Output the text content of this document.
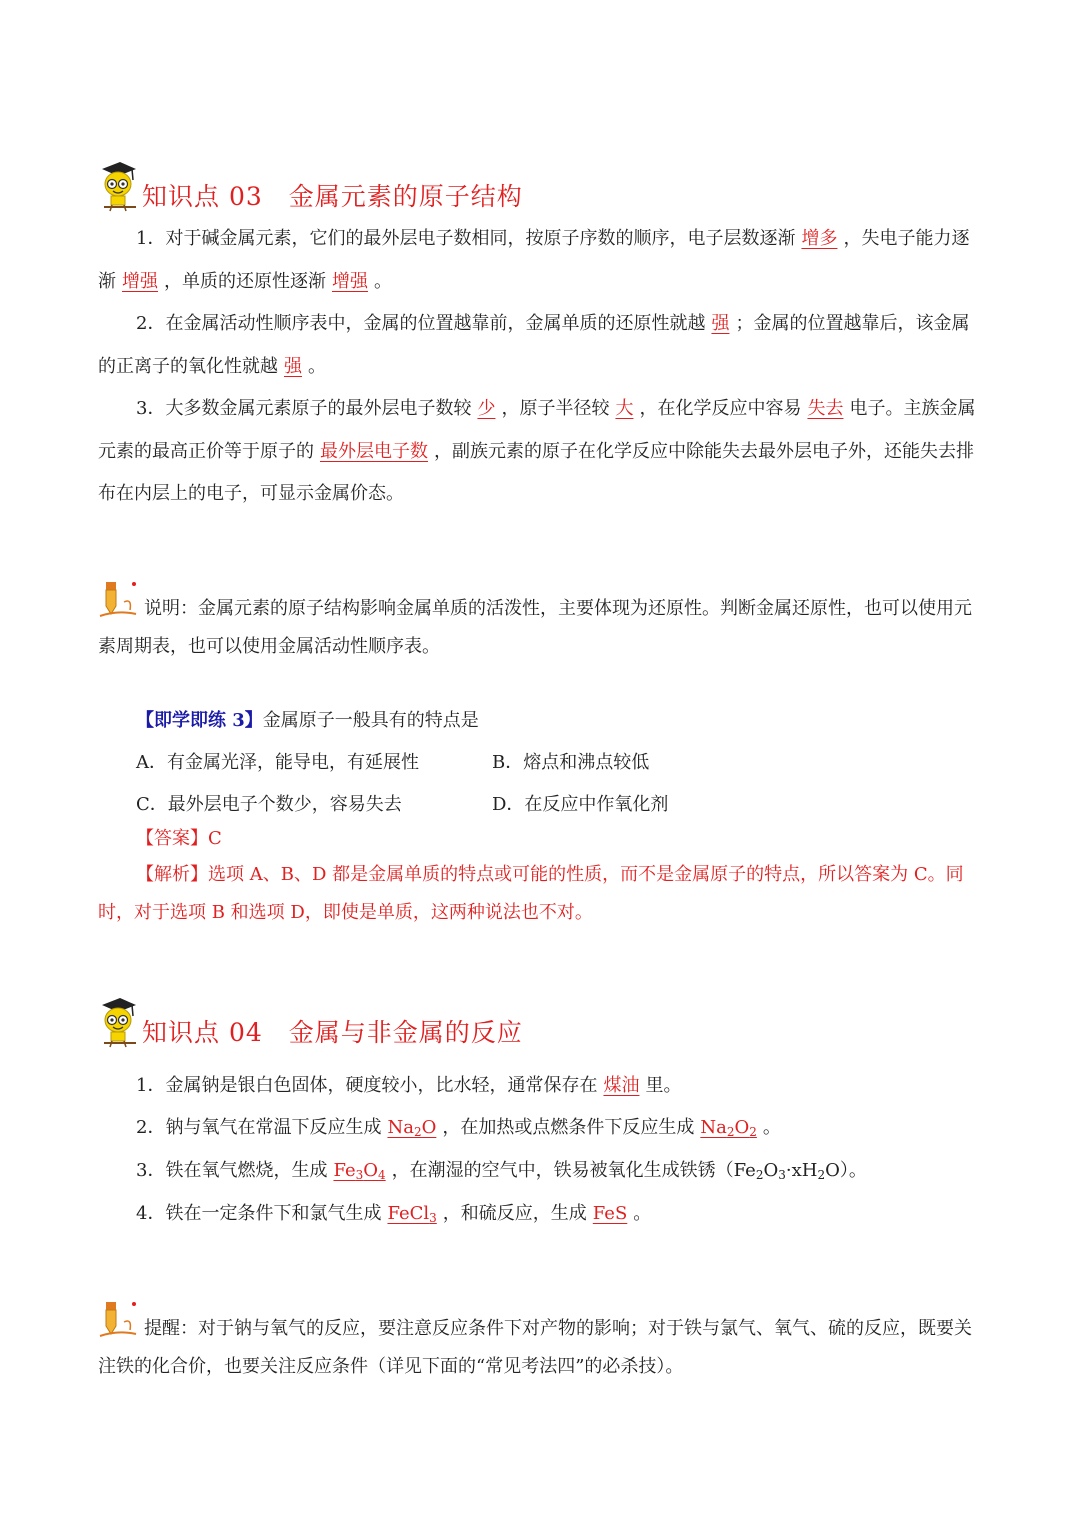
知识点 03 金属元素的原子结构
1．对于碱金属元素，它们的最外层电子数相同，按原子序数的顺序，电子层数逐渐 增多 ，失电子能力逐渐 增强 ，单质的还原性逐渐 增强 。
2．在金属活动性顺序表中，金属的位置越靠前，金属单质的还原性就越 强 ；金属的位置越靠后，该金属的正离子的氧化性就越 强 。
3．大多数金属元素原子的最外层电子数较 少 ，原子半径较 大 ，在化学反应中容易 失去 电子。主族金属元素的最高正价等于原子的 最外层电子数 ，副族元素的原子在化学反应中除能失去最外层电子外，还能失去排布在内层上的电子，可显示金属价态。
说明：金属元素的原子结构影响金属单质的活泼性，主要体现为还原性。判断金属还原性，也可以使用元素周期表，也可以使用金属活动性顺序表。
【即学即练 3】金属原子一般具有的特点是
A．有金属光泽，能导电，有延展性	B．熔点和沸点较低
C．最外层电子个数少，容易失去	D．在反应中作氧化剂
【答案】C
【解析】选项 A、B、D 都是金属单质的特点或可能的性质，而不是金属原子的特点，所以答案为 C。同时，对于选项 B 和选项 D，即使是单质，这两种说法也不对。
知识点 04 金属与非金属的反应
1．金属钠是银白色固体，硬度较小，比水轻，通常保存在 煤油 里。
2．钠与氧气在常温下反应生成 $Na_2O$ ，在加热或点燃条件下反应生成 $Na_2O_2$ 。
3．铁在氧气燃烧，生成 $Fe_3O_4$ ，在潮湿的空气中，铁易被氧化生成铁锈$(Fe_2O_3\cdot xH_2O)$。
4．铁在一定条件下和氯气生成 FeCl$_3$ ，和硫反应，生成 FeS 。
提醒：对于钠与氧气的反应，要注意反应条件下对产物的影响；对于铁与氯气、氧气、硫的反应，既要关注铁的化合价，也要关注反应条件（详见下面的“常见考法四”的必杀技）。
